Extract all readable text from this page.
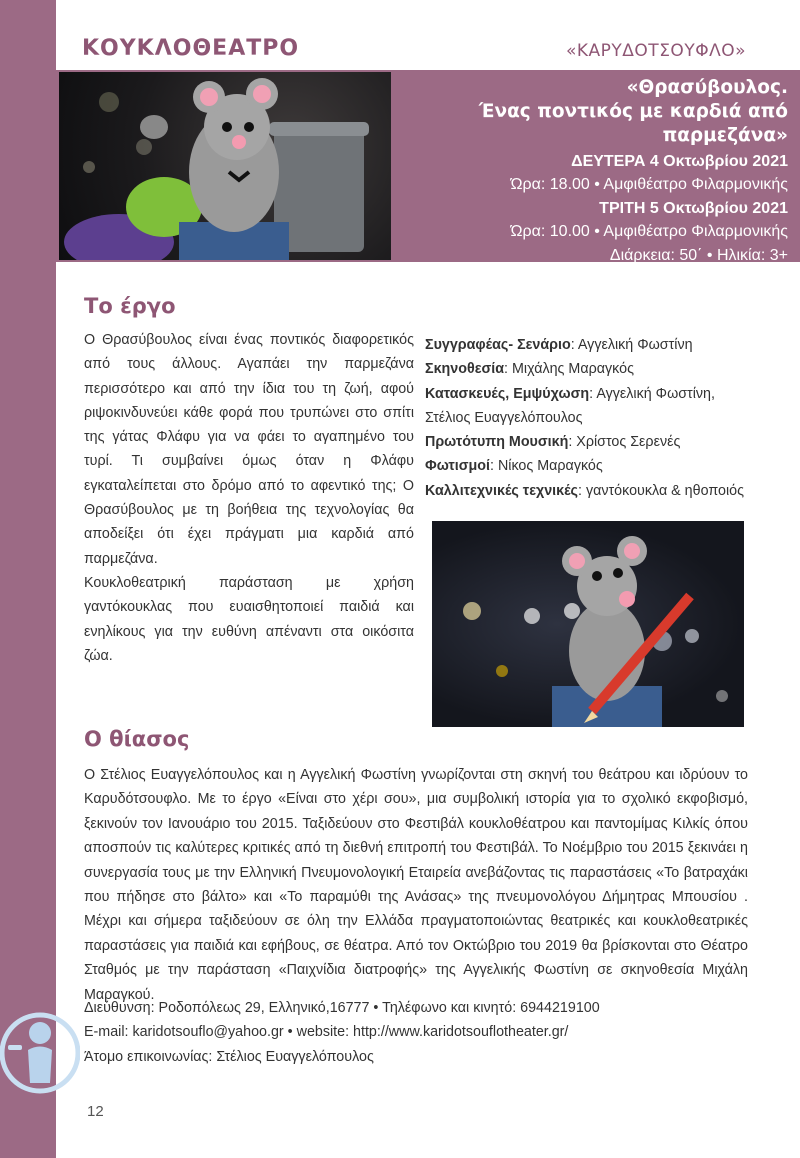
ΚΟΥΚΛΟΘΕΑΤΡΟ	«ΚΑΡΥΔΟΤΣΟΥΦΛΟ»
«Θρασύβουλος.
Ένας ποντικός με καρδιά από παρμεζάνα»
ΔΕΥΤΕΡΑ 4 Οκτωβρίου 2021
Ώρα: 18.00 • Αμφιθέατρο Φιλαρμονικής
ΤΡΙΤΗ 5 Οκτωβρίου 2021
Ώρα: 10.00 • Αμφιθέατρο Φιλαρμονικής
Διάρκεια: 50΄ • Ηλικία: 3+
Το έργο

Ο Θρασύβουλος είναι ένας ποντικός διαφορετικός από τους άλλους. Αγαπάει την παρμεζάνα περισσότερο και από την ίδια του τη ζωή, αφού ριψοκινδυνεύει κάθε φορά που τρυπώνει στο σπίτι της γάτας Φλάφυ για να φάει το αγαπημένο του τυρί. Τι συμβαίνει όμως όταν η Φλάφυ εγκαταλείπεται στο δρόμο από το αφεντικό της; Ο Θρασύβουλος με τη βοήθεια της τεχνολογίας θα αποδείξει ότι έχει πράγματι μια καρδιά από παρμεζάνα.

Κουκλοθεατρική παράσταση με χρήση γαντόκουκλας που ευαισθητοποιεί παιδιά και ενηλίκους για την ευθύνη απέναντι στα οικόσιτα ζώα.

Συγγραφέας- Σενάριο: Αγγελική Φωστίνη
Σκηνοθεσία: Μιχάλης Μαραγκός
Κατασκευές, Εμψύχωση: Αγγελική Φωστίνη, Στέλιος Ευαγγελόπουλος
Πρωτότυπη Μουσική: Χρίστος Σερενές
Φωτισμοί: Νίκος Μαραγκός
Καλλιτεχνικές τεχνικές: γαντόκουκλα & ηθοποιός
Ο θίασος
Ο Στέλιος Ευαγγελόπουλος και η Αγγελική Φωστίνη γνωρίζονται στη σκηνή του θεάτρου και ιδρύουν το Καρυδότσουφλο. Με το έργο «Είναι στο χέρι σου», μια συμβολική ιστορία για το σχολικό εκφοβισμό, ξεκινούν τον Ιανουάριο του 2015. Ταξιδεύουν στο Φεστιβάλ κουκλοθέατρου και παντομίμας Κιλκίς όπου αποσπούν τις καλύτερες κριτικές από τη διεθνή επιτροπή του Φεστιβάλ. Το Νοέμβριο του 2015 ξεκινάει η συνεργασία τους με την Ελληνική Πνευμονολογική Εταιρεία ανεβάζοντας τις παραστάσεις «Το βατραχάκι που πήδησε στο βάλτο» και «Το παραμύθι της Ανάσας» της πνευμονολόγου Δήμητρας Μπουσίου . Μέχρι και σήμερα ταξιδεύουν σε όλη την Ελλάδα πραγματοποιώντας θεατρικές και κουκλοθεατρικές παραστάσεις για παιδιά και εφήβους, σε θέατρα. Από τον Οκτώβριο του 2019 θα βρίσκονται στο Θέατρο Σταθμός με την παράσταση «Παιχνίδια διατροφής» της Αγγελικής Φωστίνη σε σκηνοθεσία Μιχάλη Μαραγκού.
Διεύθυνση: Ροδοπόλεως 29, Ελληνικό,16777 • Τηλέφωνο και κινητό: 6944219100
E-mail: karidotsouflo@yahoo.gr • website: http://www.karidotsouflotheater.gr/
Άτομο επικοινωνίας: Στέλιος Ευαγγελόπουλος
12
